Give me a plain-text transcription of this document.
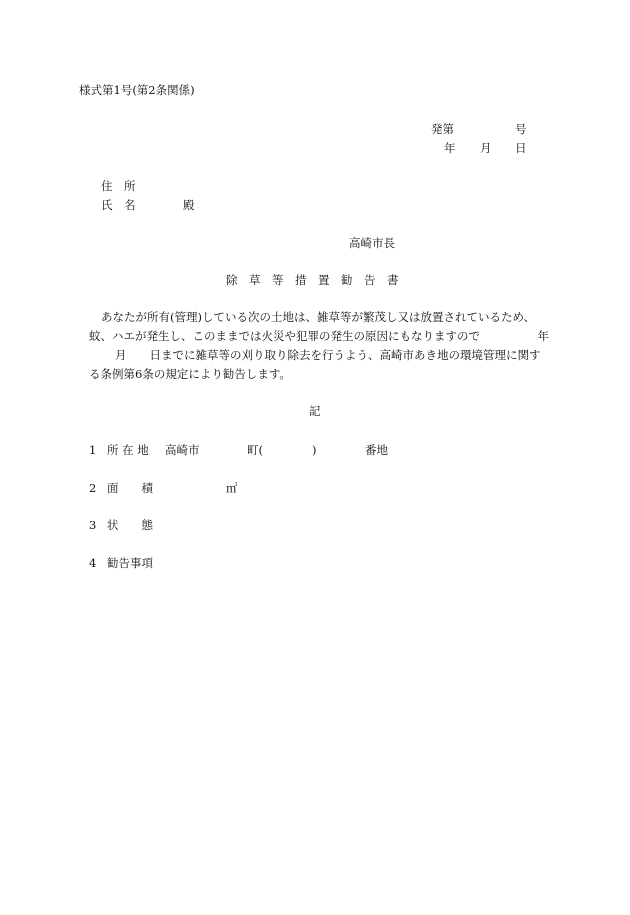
様式第1号(第2条関係)
発第	号
年 月 日
住　所
氏　名	殿
高崎市長
除　草　等　措　置　勧　告　書
あなたが所有(管理)している次の土地は、雑草等が繁茂し又は放置されているため、
蚊、ハエが発生し、このままでは火災や犯罪の発生の原因にもなりますので　　　　　年
月　　日までに雑草等の刈り取り除去を行うよう、高崎市あき地の環境管理に関す
る条例第6条の規定により勧告します。
記
1 所 在 地 高崎市	町(	)	番地
2 面　　積	㎡
3 状　　態
4 勧告事項
